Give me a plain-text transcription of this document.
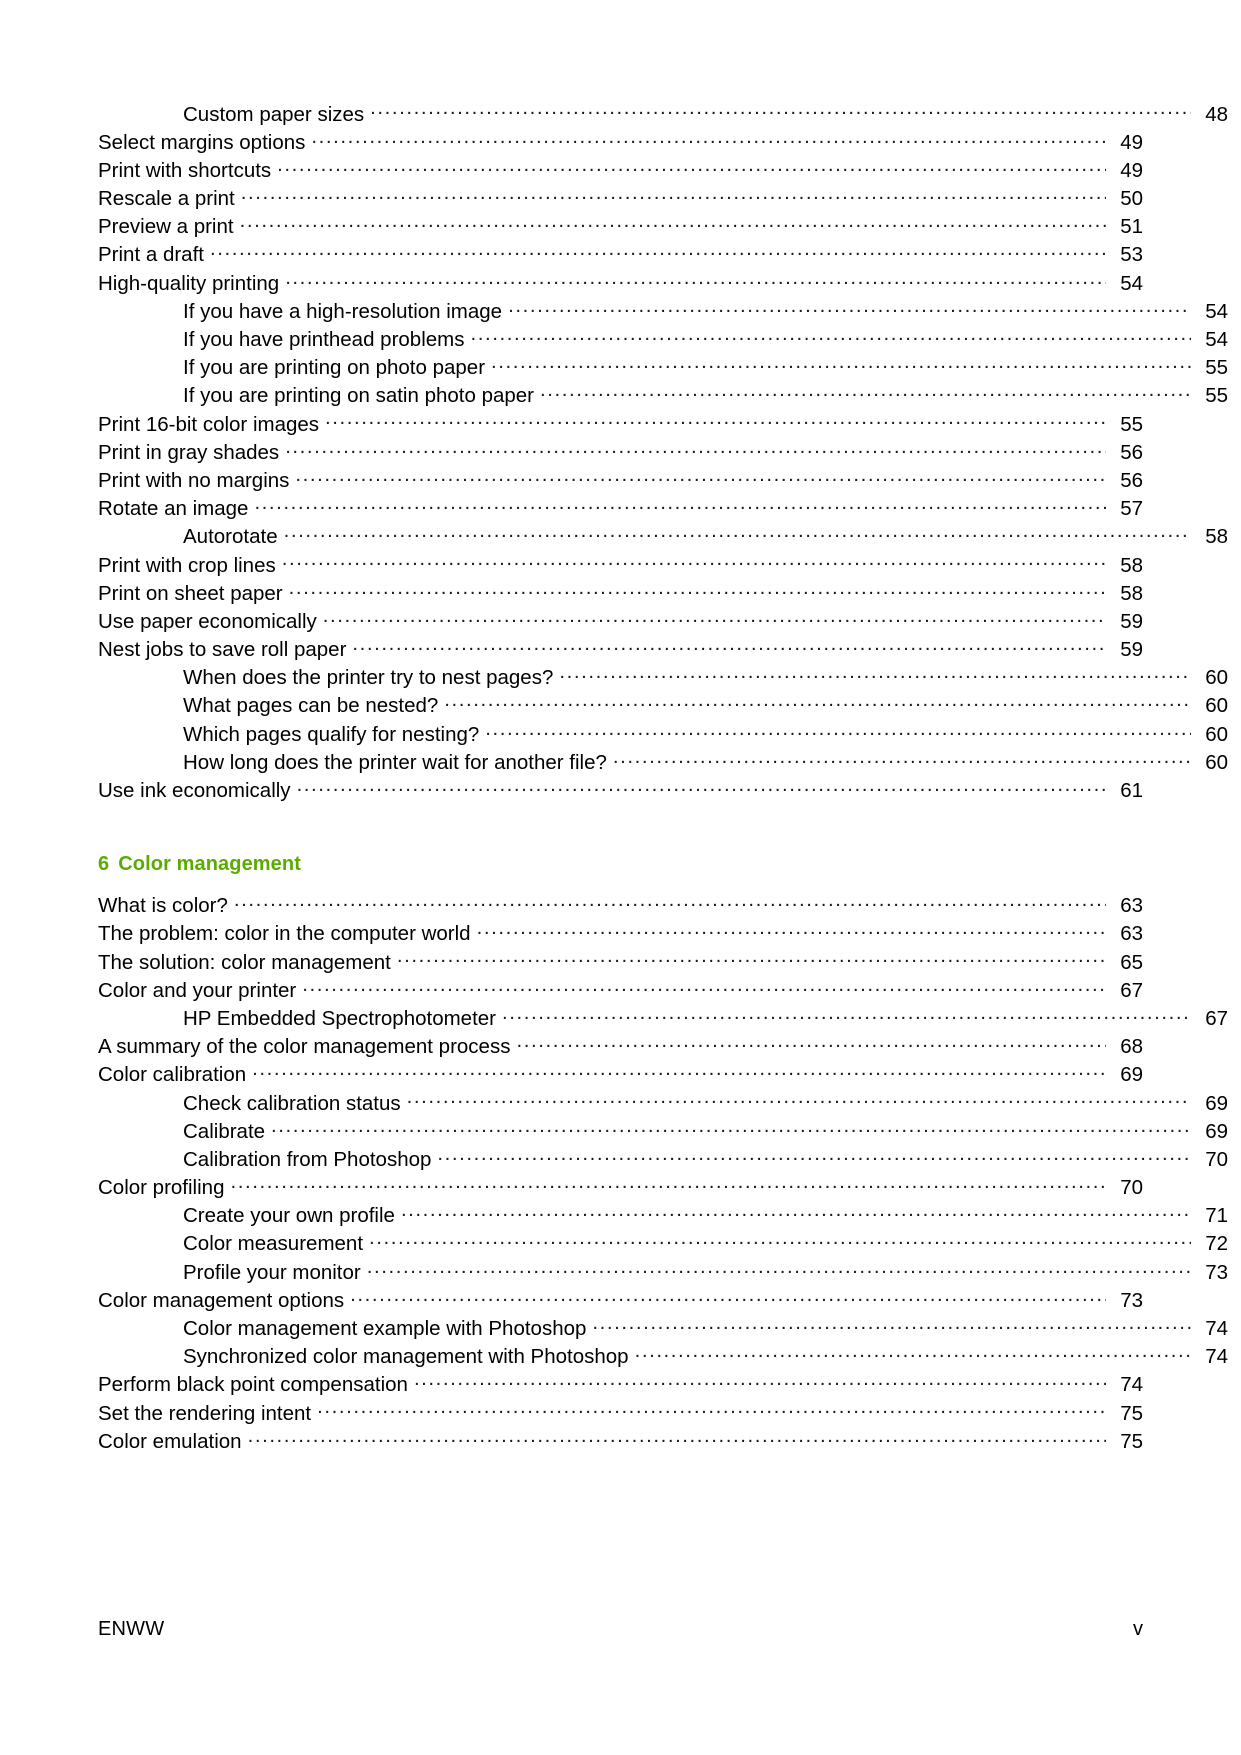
Custom paper sizes .....	48
Select margins options .....	49
Print with shortcuts .....	49
Rescale a print .....	50
Preview a print .....	51
Print a draft .....	53
High-quality printing .....	54
If you have a high-resolution image .....	54
If you have printhead problems .....	54
If you are printing on photo paper .....	55
If you are printing on satin photo paper .....	55
Print 16-bit color images .....	55
Print in gray shades .....	56
Print with no margins .....	56
Rotate an image .....	57
Autorotate .....	58
Print with crop lines .....	58
Print on sheet paper .....	58
Use paper economically .....	59
Nest jobs to save roll paper .....	59
When does the printer try to nest pages? .....	60
What pages can be nested? .....	60
Which pages qualify for nesting? .....	60
How long does the printer wait for another file? .....	60
Use ink economically .....	61
6 Color management
What is color? .....	63
The problem: color in the computer world .....	63
The solution: color management .....	65
Color and your printer .....	67
HP Embedded Spectrophotometer .....	67
A summary of the color management process .....	68
Color calibration .....	69
Check calibration status .....	69
Calibrate .....	69
Calibration from Photoshop .....	70
Color profiling .....	70
Create your own profile .....	71
Color measurement .....	72
Profile your monitor .....	73
Color management options .....	73
Color management example with Photoshop .....	74
Synchronized color management with Photoshop .....	74
Perform black point compensation .....	74
Set the rendering intent .....	75
Color emulation .....	75
ENWW	v
